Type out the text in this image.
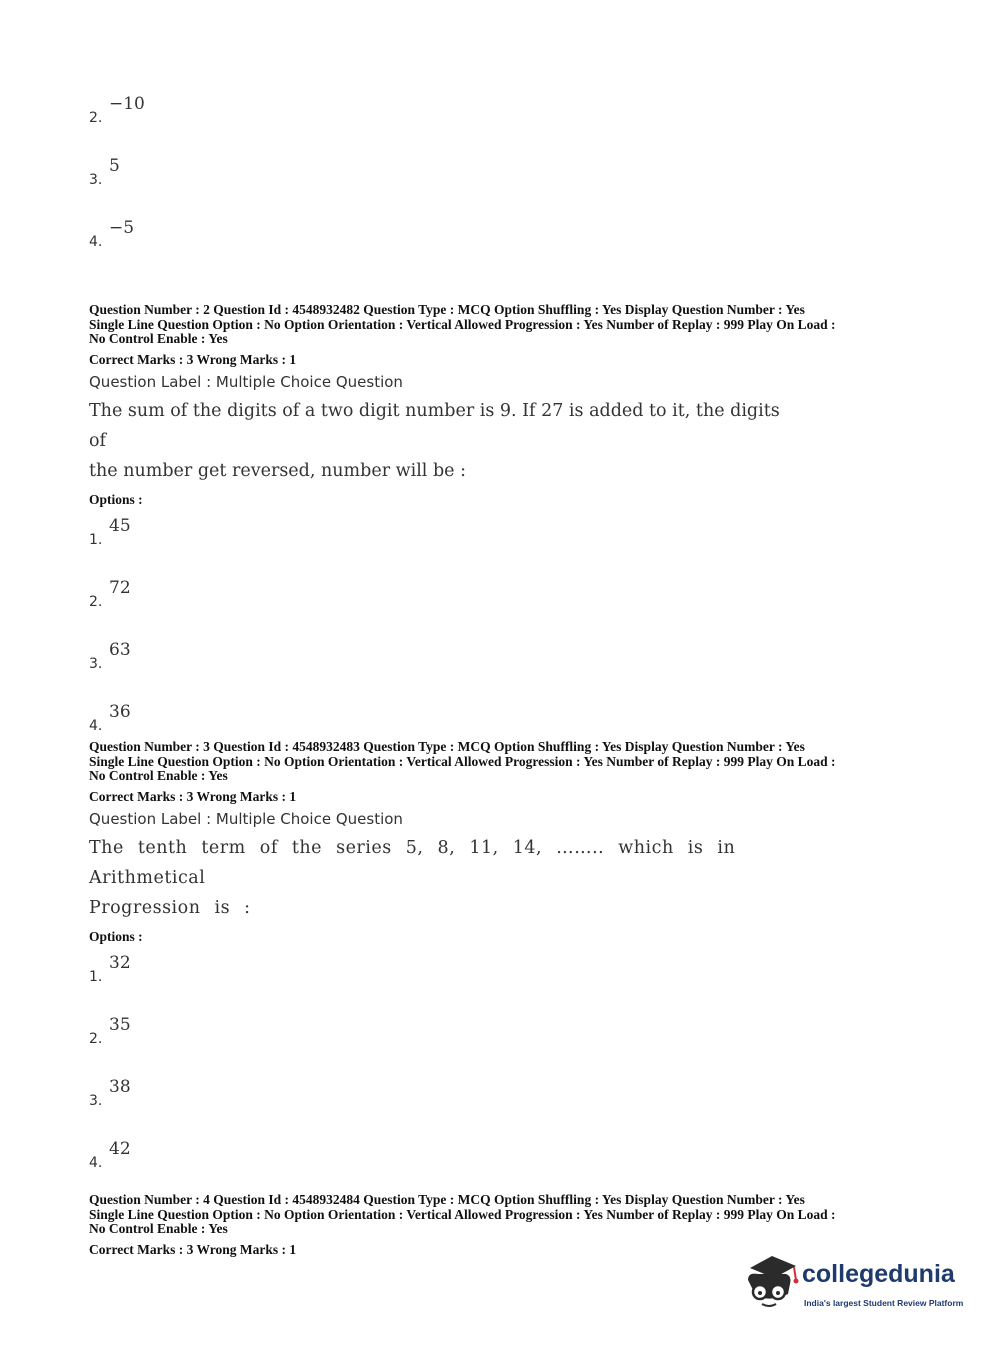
2.
−10
3.
5
4.
−5
Question Number : 2 Question Id : 4548932482 Question Type : MCQ Option Shuffling : Yes Display Question Number : Yes
Single Line Question Option : No Option Orientation : Vertical Allowed Progression : Yes Number of Replay : 999 Play On Load :
No Control Enable : Yes
Correct Marks : 3 Wrong Marks : 1
Question Label : Multiple Choice Question
The sum of the digits of a two digit number is 9. If 27 is added to it, the digits of
the number get reversed, number will be :
Options :
1.
45
2.
72
3.
63
4.
36
Question Number : 3 Question Id : 4548932483 Question Type : MCQ Option Shuffling : Yes Display Question Number : Yes
Single Line Question Option : No Option Orientation : Vertical Allowed Progression : Yes Number of Replay : 999 Play On Load :
No Control Enable : Yes
Correct Marks : 3 Wrong Marks : 1
Question Label : Multiple Choice Question
The tenth term of the series 5, 8, 11, 14, …….. which is in Arithmetical
Progression is :
Options :
1.
32
2.
35
3.
38
4.
42
Question Number : 4 Question Id : 4548932484 Question Type : MCQ Option Shuffling : Yes Display Question Number : Yes
Single Line Question Option : No Option Orientation : Vertical Allowed Progression : Yes Number of Replay : 999 Play On Load :
No Control Enable : Yes
Correct Marks : 3 Wrong Marks : 1
collegedunia
India's largest Student Review Platform
